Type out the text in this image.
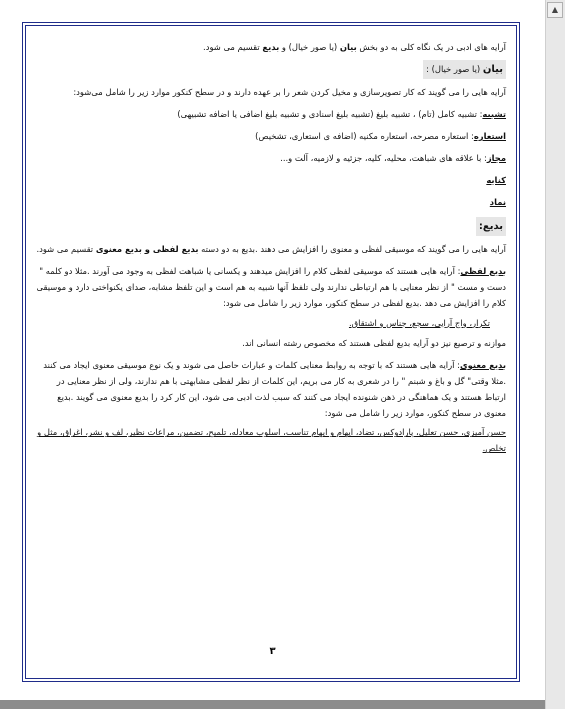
آرایه های ادبی در یک نگاه کلی به دو بخش بیان (یا صور خیال) و بدیع تقسیم می شود.

بیان (یا صور خیال) :

آرایه هایی را می گویند که کار تصویرسازی و مخیل کردن شعر را بر عهده دارند و در سطح کنکور موارد زیر را شامل می‌شود:

تشبیه: تشبیه کامل (تام) ، تشبیه بلیغ (تشبیه بلیغ اسنادی و تشبیه بلیغ اضافی یا اضافه تشبیهی)

استعاره: استعاره مصرحه، استعاره مکنیه (اضافه ی استعاری، تشخیص)

مجاز: با علاقه های شباهت، محلیه، کلیه، جزئیه و لازمیه، آلت و...

کنایه

نماد

بدیع:

آرایه هایی را می گویند که موسیقی لفظی و معنوی را افزایش می دهند .بدیع به دو دسته بدیع لفظی و بدیع معنوی تقسیم می شود.

بدیع لفظی: آرایه هایی هستند که موسیقی لفظی کلام را افزایش میدهند و یکسانی یا شباهت لفظی به وجود می آورند .مثلا دو کلمه " دست و مست " از نظر معنایی با هم ارتباطی ندارند ولی تلفظ آنها شبیه به هم است و این تلفظ مشابه، صدای یکنواختی دارد و موسیقی کلام را افزایش می دهد .بدیع لفظی در سطح کنکور، موارد زیر را شامل می شود:

تکرار، واج آرایی، سجع، جناس و اشتقاق.

موازنه و ترصیع نیز دو آرایه بدیع لفظی هستند که مخصوص رشته انسانی اند.

بدیع معنوی: آرایه هایی هستند که با توجه به روابط معنایی کلمات و عبارات حاصل می شوند و یک نوع موسیقی معنوی ایجاد می کنند .مثلا وقتی" گل و باغ و شبنم " را در شعری به کار می بریم، این کلمات از نظر لفظی مشابهتی با هم ندارند، ولی از نظر معنایی در ارتباط هستند و یک هماهنگی در ذهن شنونده ایجاد می کنند که سبب لذت ادبی می شود، این کار کرد را بدیع معنوی می گویند .بدیع معنوی در سطح کنکور، موارد زیر را شامل می شود:

حسن آمیزی، حسن تعلیل، پارادوکس، تضاد، ایهام و ایهام تناسب، اسلوب معادله، تلمیح، تضمین، مراعات نظیر، لف و نشر، اغراق، مثل و تخلص.

۳
▲
